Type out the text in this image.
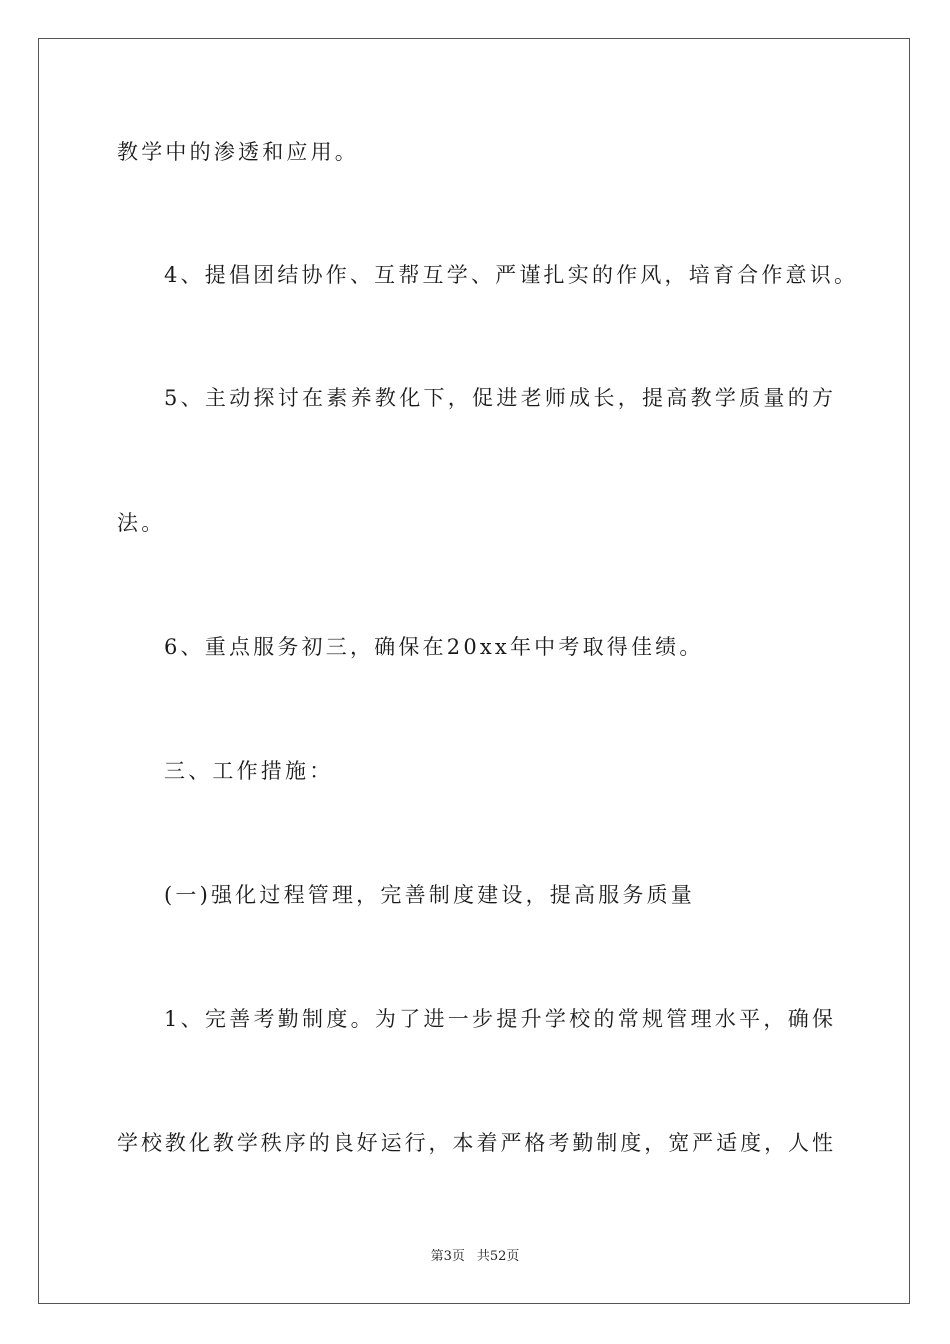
教学中的渗透和应用。
4、提倡团结协作、互帮互学、严谨扎实的作风，培育合作意识。
5、主动探讨在素养教化下，促进老师成长，提高教学质量的方
法。
6、重点服务初三，确保在20xx年中考取得佳绩。
三、工作措施：
(一)强化过程管理，完善制度建设，提高服务质量
1、完善考勤制度。为了进一步提升学校的常规管理水平，确保
学校教化教学秩序的良好运行，本着严格考勤制度，宽严适度，人性
第3页 共52页
